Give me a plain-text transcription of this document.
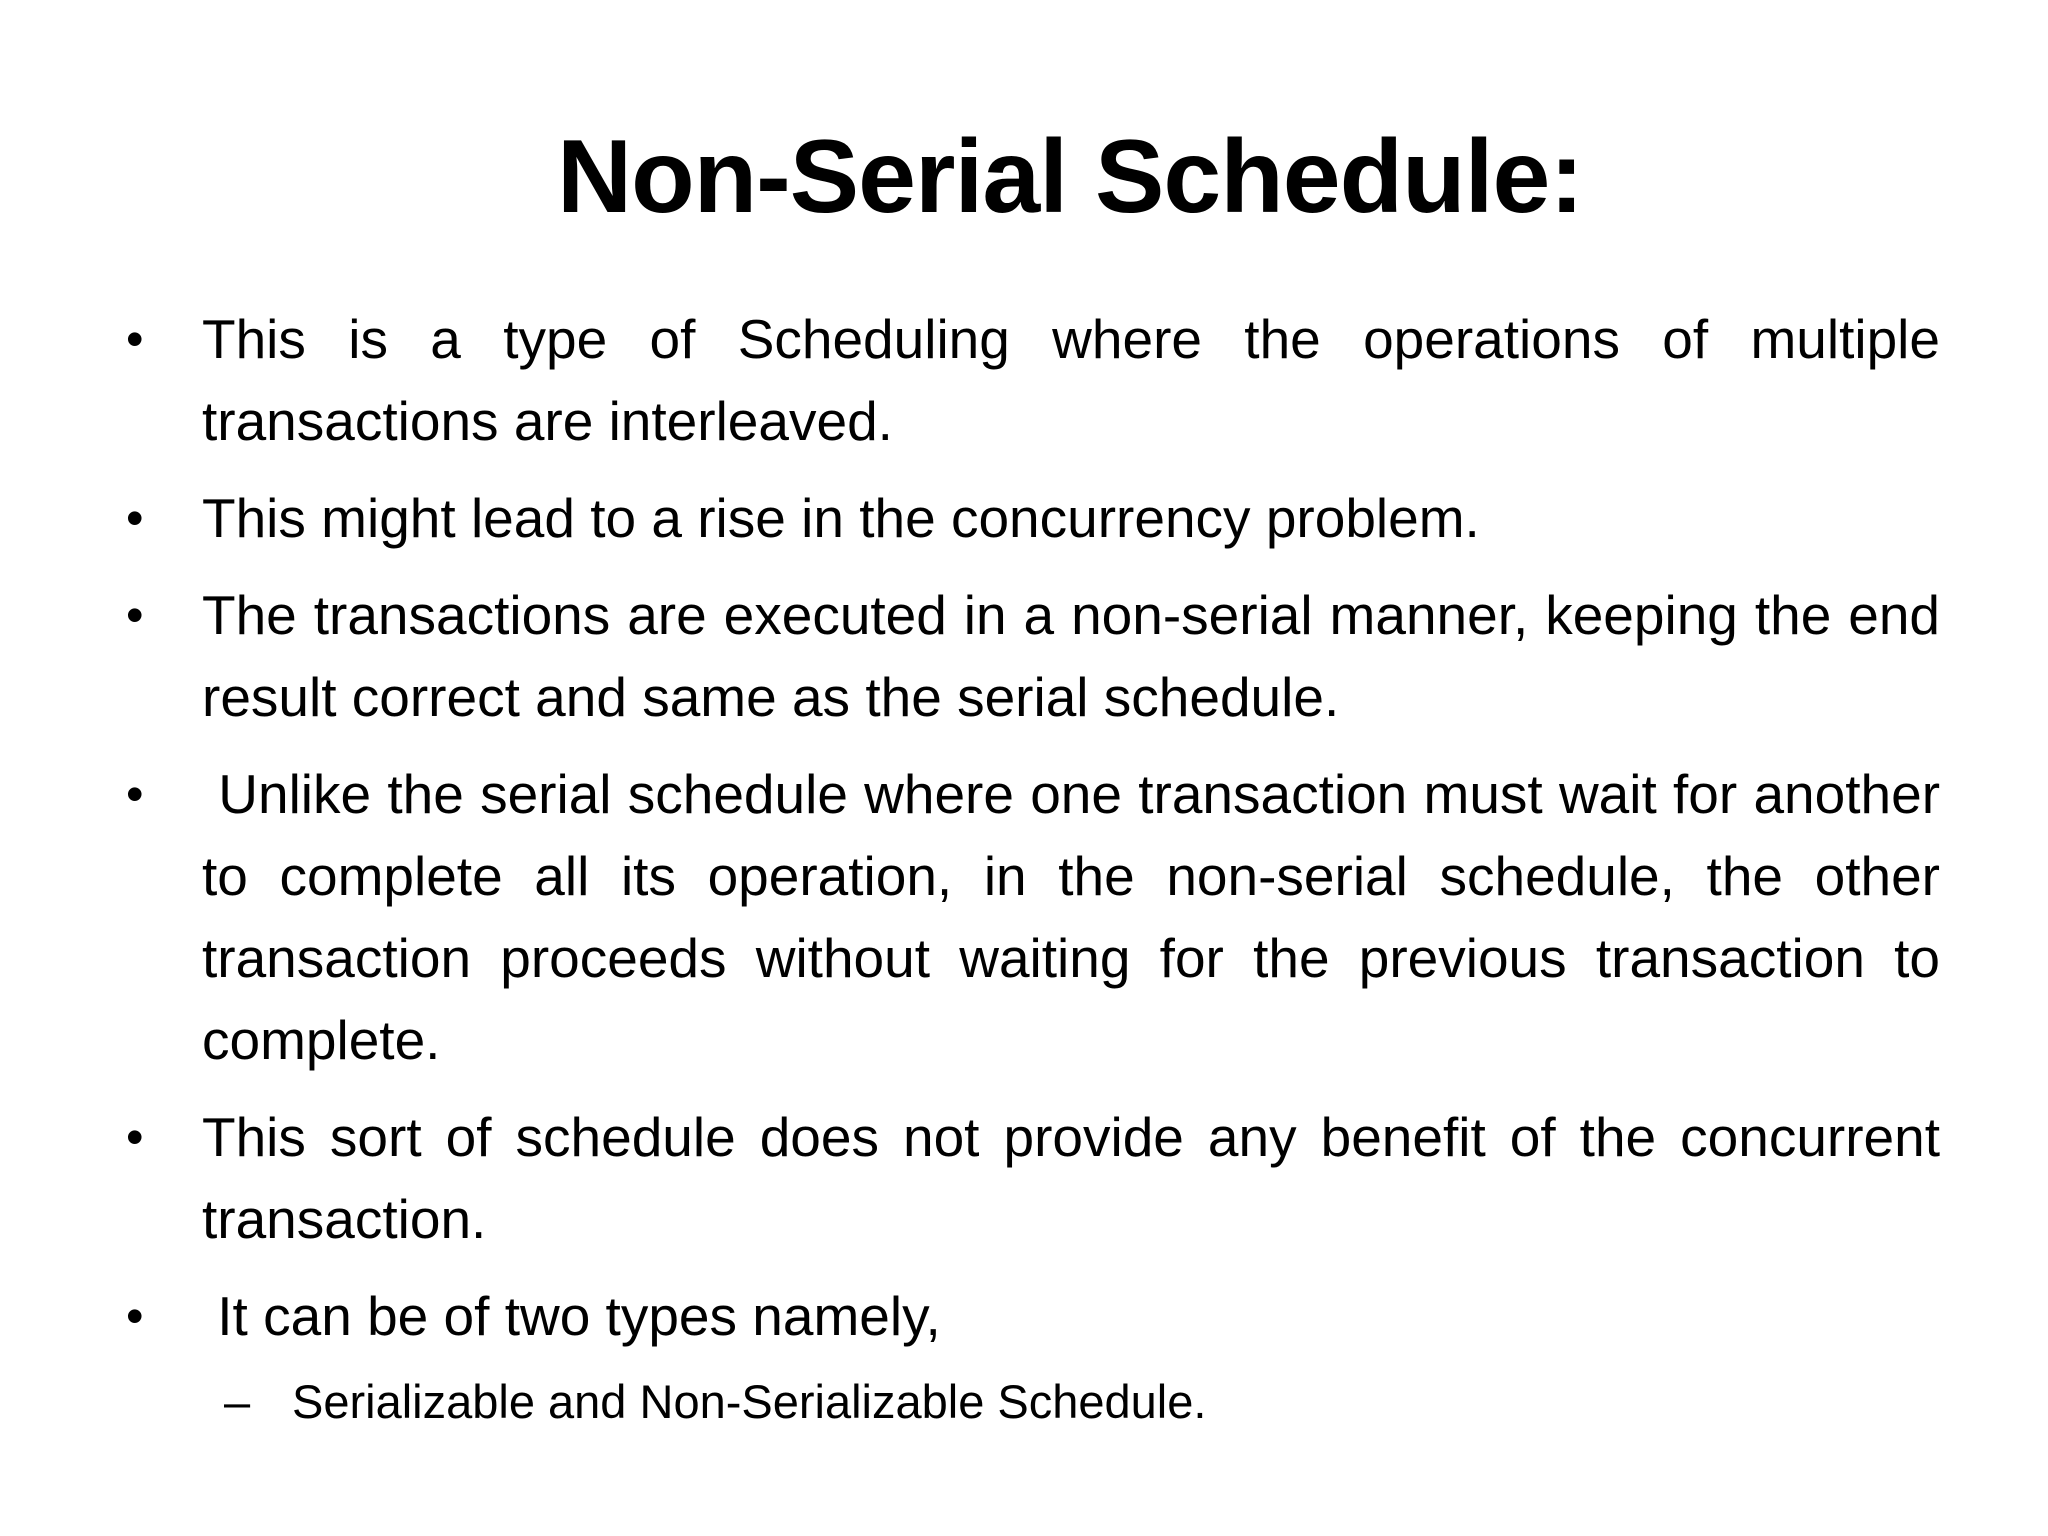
Non-Serial Schedule:
•	This is a type of Scheduling where the operations of multiple transactions are interleaved.
•	This might lead to a rise in the concurrency problem.
•	The transactions are executed in a non-serial manner, keeping the end result correct and same as the serial schedule.
•	Unlike the serial schedule where one transaction must wait for another to complete all its operation, in the non-serial schedule, the other transaction proceeds without waiting for the previous transaction to complete.
•	This sort of schedule does not provide any benefit of the concurrent transaction.
•	It can be of two types namely,
– Serializable and Non-Serializable Schedule.
